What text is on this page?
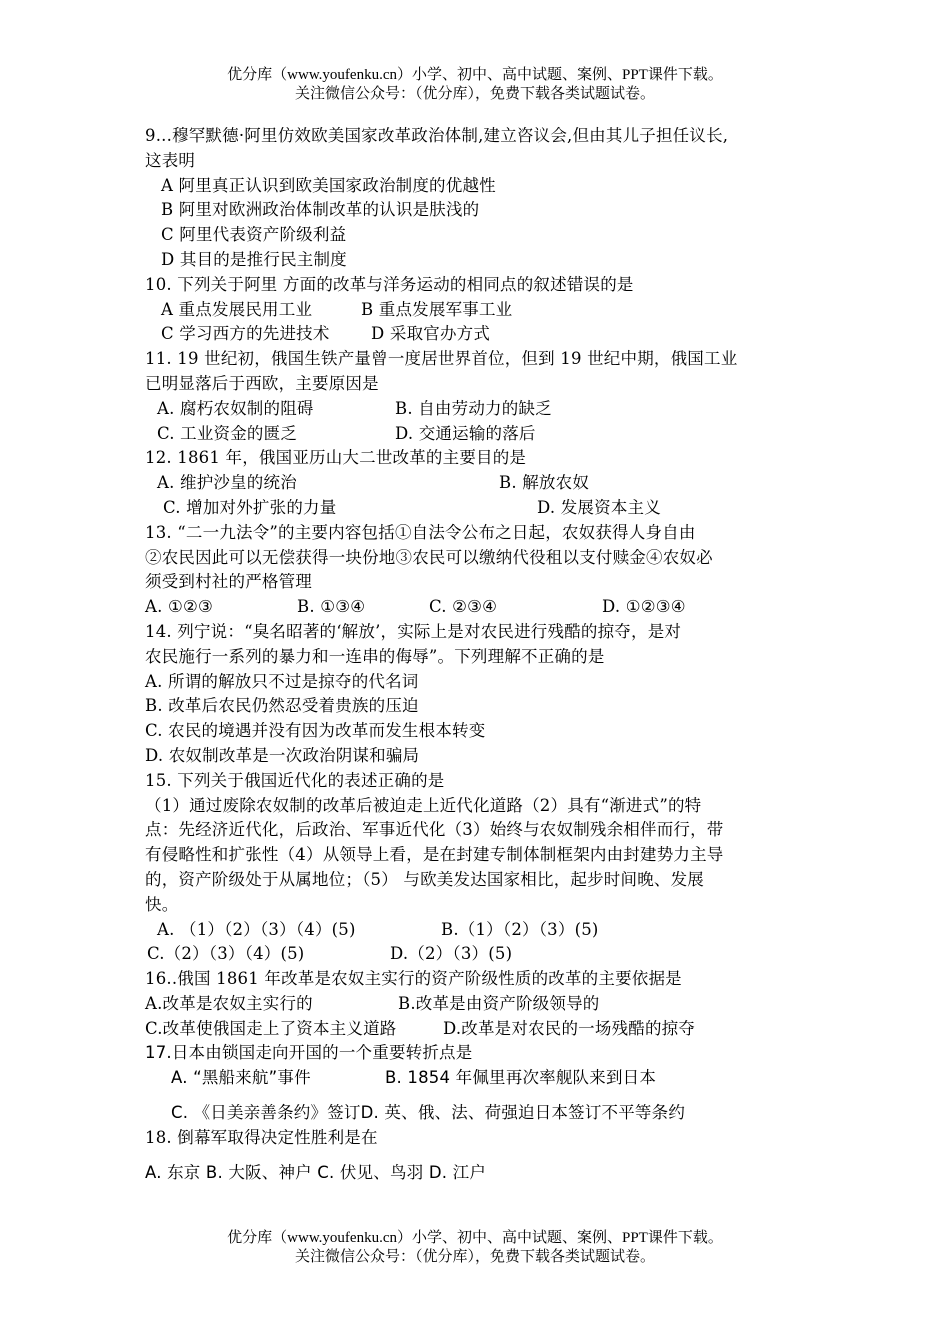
优分库（www.youfenku.cn）小学、初中、高中试题、案例、PPT课件下载。
关注微信公众号：（优分库），免费下载各类试题试卷。
9...穆罕默德·阿里仿效欧美国家改革政治体制,建立咨议会,但由其儿子担任议长,
这表明
A 阿里真正认识到欧美国家政治制度的优越性
B 阿里对欧洲政治体制改革的认识是肤浅的
C 阿里代表资产阶级利益
D 其目的是推行民主制度
10. 下列关于阿里 方面的改革与洋务运动的相同点的叙述错误的是
A 重点发展民用工业	B 重点发展军事工业
C 学习西方的先进技术	D 采取官办方式
11. 19 世纪初，俄国生铁产量曾一度居世界首位，但到 19 世纪中期，俄国工业
已明显落后于西欧，主要原因是
A. 腐朽农奴制的阻碍	B. 自由劳动力的缺乏
C. 工业资金的匮乏	D. 交通运输的落后
12. 1861 年，俄国亚历山大二世改革的主要目的是
A. 维护沙皇的统治	B. 解放农奴
C. 增加对外扩张的力量	D. 发展资本主义
13. “二一九法令”的主要内容包括①自法令公布之日起，农奴获得人身自由
②农民因此可以无偿获得一块份地③农民可以缴纳代役租以支付赎金④农奴必
须受到村社的严格管理
A. ①②③	B. ①③④	C. ②③④	D. ①②③④
14. 列宁说：“臭名昭著的‘解放’，实际上是对农民进行残酷的掠夺，是对
农民施行一系列的暴力和一连串的侮辱”。下列理解不正确的是
A. 所谓的解放只不过是掠夺的代名词
B. 改革后农民仍然忍受着贵族的压迫
C. 农民的境遇并没有因为改革而发生根本转变
D. 农奴制改革是一次政治阴谋和骗局
15. 下列关于俄国近代化的表述正确的是
（1）通过废除农奴制的改革后被迫走上近代化道路（2）具有“渐进式”的特
点：先经济近代化，后政治、军事近代化（3）始终与农奴制残余相伴而行，带
有侵略性和扩张性（4）从领导上看，是在封建专制体制框架内由封建势力主导
的，资产阶级处于从属地位；（5） 与欧美发达国家相比，起步时间晚、发展
快。
A. （1）（2）（3）（4）(5)	B.（1）（2）（3）(5)
C.（2）（3）（4）(5)	D.（2）（3）(5)
16..俄国 1861 年改革是农奴主实行的资产阶级性质的改革的主要依据是
A.改革是农奴主实行的	B.改革是由资产阶级领导的
C.改革使俄国走上了资本主义道路	D.改革是对农民的一场残酷的掠夺
17.日本由锁国走向开国的一个重要转折点是
A. “黑船来航”事件	B. 1854 年佩里再次率舰队来到日本
C. 《日美亲善条约》签订D. 英、俄、法、荷强迫日本签订不平等条约
18. 倒幕军取得决定性胜利是在
A. 东京 B. 大阪、神户 C. 伏见、鸟羽 D. 江户
优分库（www.youfenku.cn）小学、初中、高中试题、案例、PPT课件下载。
关注微信公众号：（优分库），免费下载各类试题试卷。
